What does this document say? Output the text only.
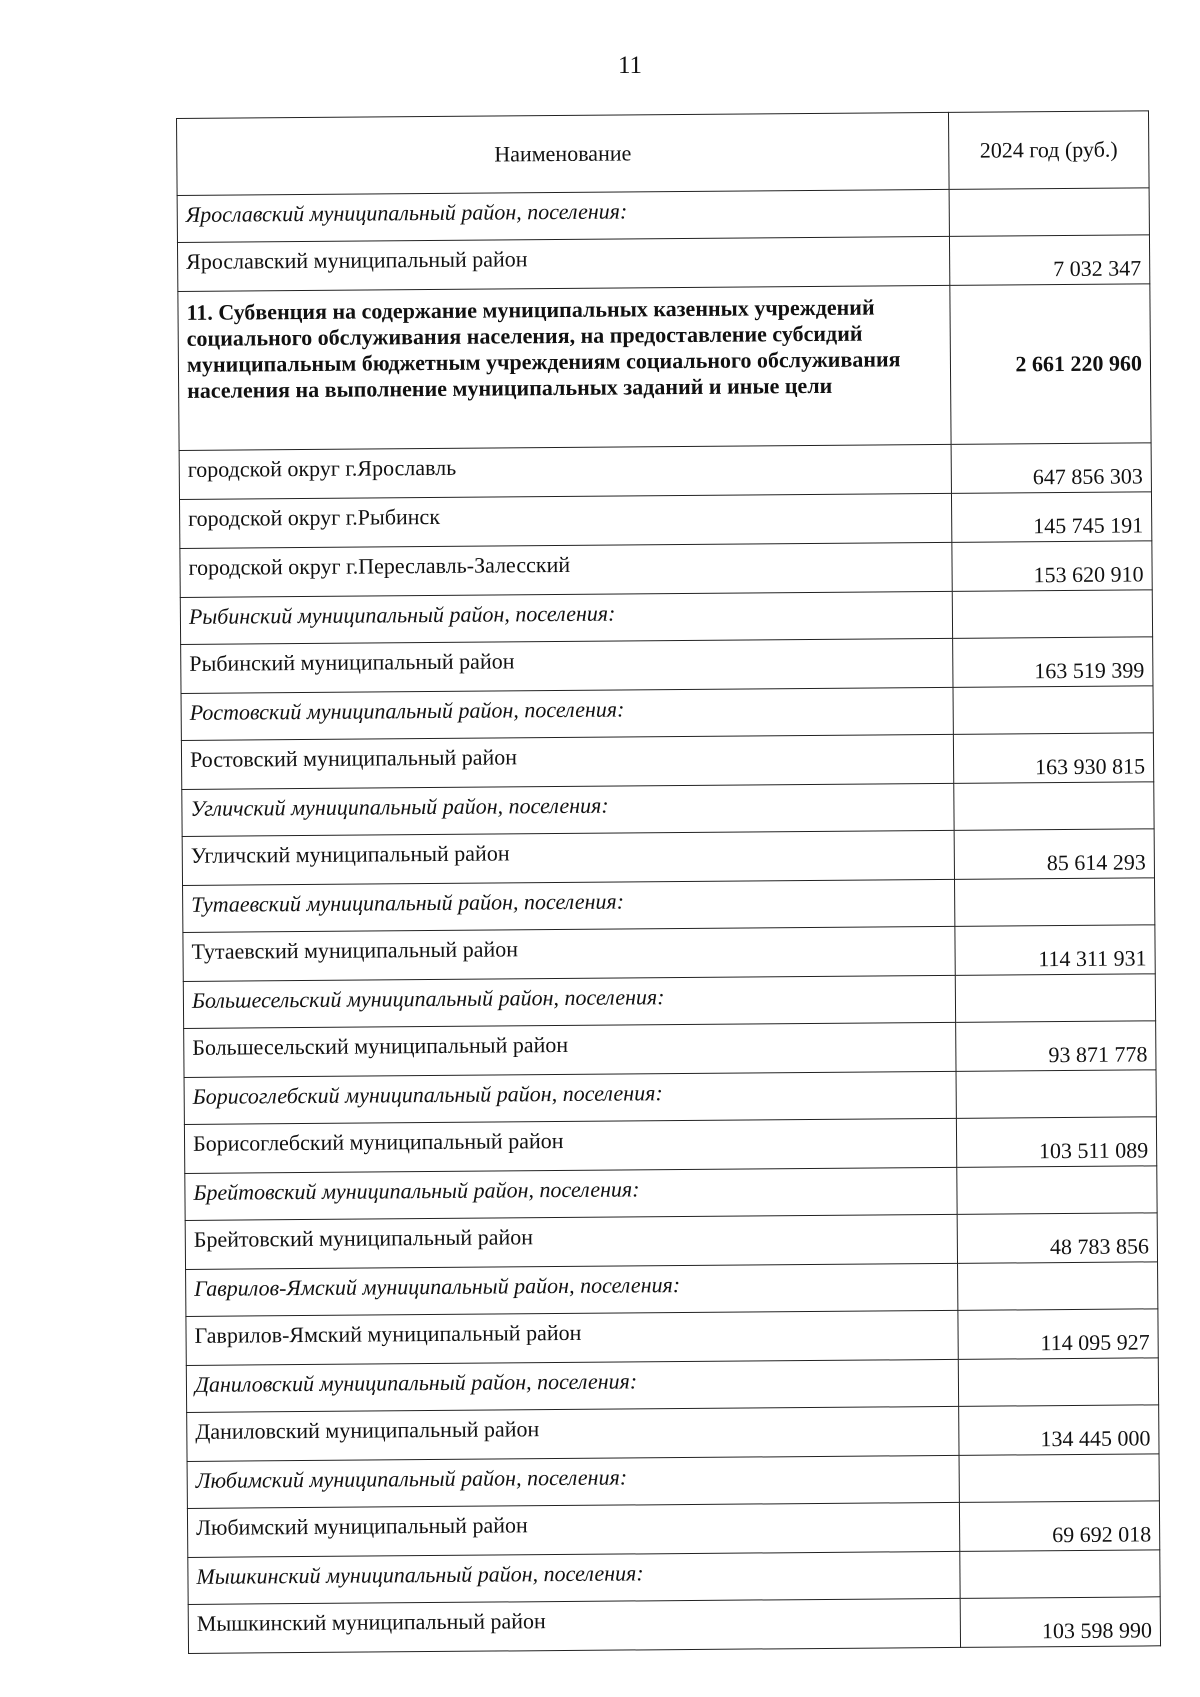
11
Наименование	2024 год (руб.)
Ярославский муниципальный район, поселения:	
Ярославский муниципальный район	7 032 347
11. Субвенция на содержание муниципальных казенных учреждений социального обслуживания населения, на предоставление субсидий муниципальным бюджетным учреждениям социального обслуживания населения на выполнение муниципальных заданий и иные цели	2 661 220 960
городской округ г.Ярославль	647 856 303
городской округ г.Рыбинск	145 745 191
городской округ г.Переславль-Залесский	153 620 910
Рыбинский муниципальный район, поселения:	
Рыбинский муниципальный район	163 519 399
Ростовский муниципальный район, поселения:	
Ростовский муниципальный район	163 930 815
Угличский муниципальный район, поселения:	
Угличский муниципальный район	85 614 293
Тутаевский муниципальный район, поселения:	
Тутаевский муниципальный район	114 311 931
Большесельский муниципальный район, поселения:	
Большесельский муниципальный район	93 871 778
Борисоглебский муниципальный район, поселения:	
Борисоглебский муниципальный район	103 511 089
Брейтовский муниципальный район, поселения:	
Брейтовский муниципальный район	48 783 856
Гаврилов-Ямский муниципальный район, поселения:	
Гаврилов-Ямский муниципальный район	114 095 927
Даниловский муниципальный район, поселения:	
Даниловский муниципальный район	134 445 000
Любимский муниципальный район, поселения:	
Любимский муниципальный район	69 692 018
Мышкинский муниципальный район, поселения:	
Мышкинский муниципальный район	103 598 990
